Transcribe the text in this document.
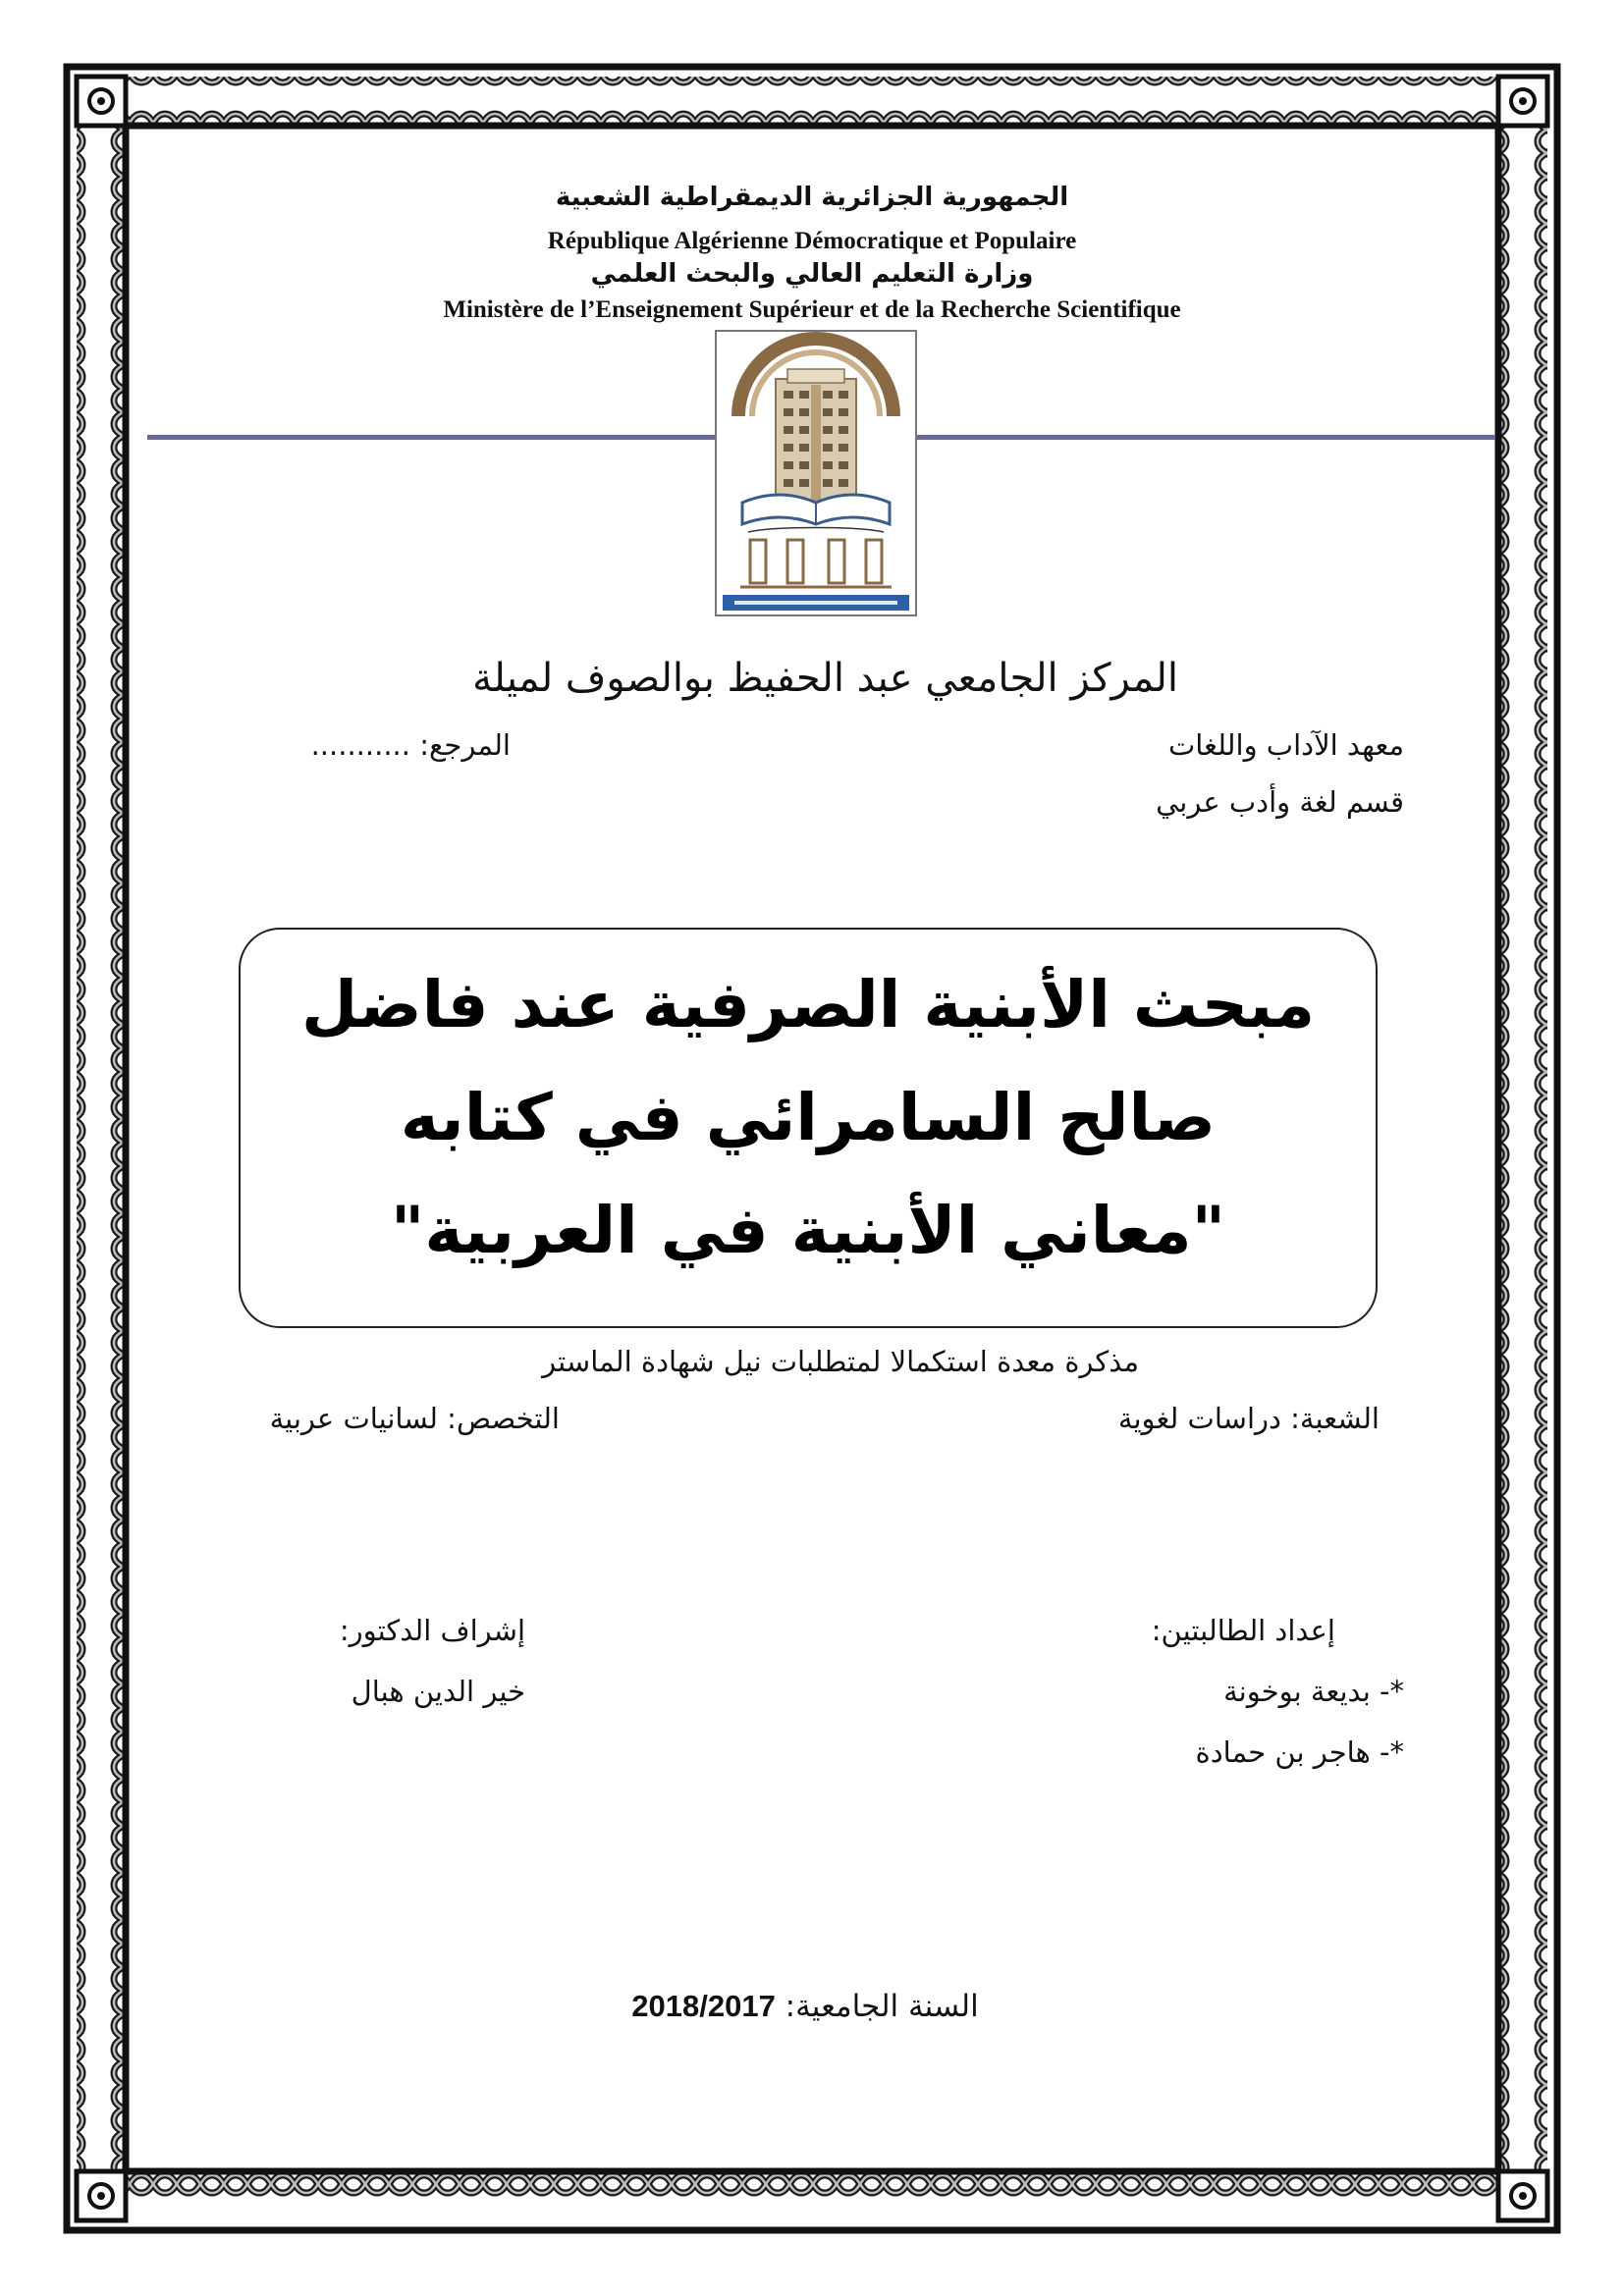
الجمهورية الجزائرية الديمقراطية الشعبية
République Algérienne Démocratique et Populaire
وزارة التعليم العالي والبحث العلمي
Ministère de l’Enseignement Supérieur et de la Recherche Scientifique
المركز الجامعي عبد الحفيظ بوالصوف لميلة
معهد الآداب واللغات
المرجع: ...........
قسم لغة وأدب عربي
مبحث الأبنية الصرفية عند فاضل
صالح السامرائي في كتابه
"معاني الأبنية في العربية"
مذكرة معدة استكمالا لمتطلبات نيل شهادة الماستر
الشعبة: دراسات لغوية
التخصص: لسانيات عربية
إعداد الطالبتين:
*- بديعة بوخونة
*- هاجر بن حمادة
إشراف الدكتور:
خير الدين هبال
السنة الجامعية: 2018/2017
